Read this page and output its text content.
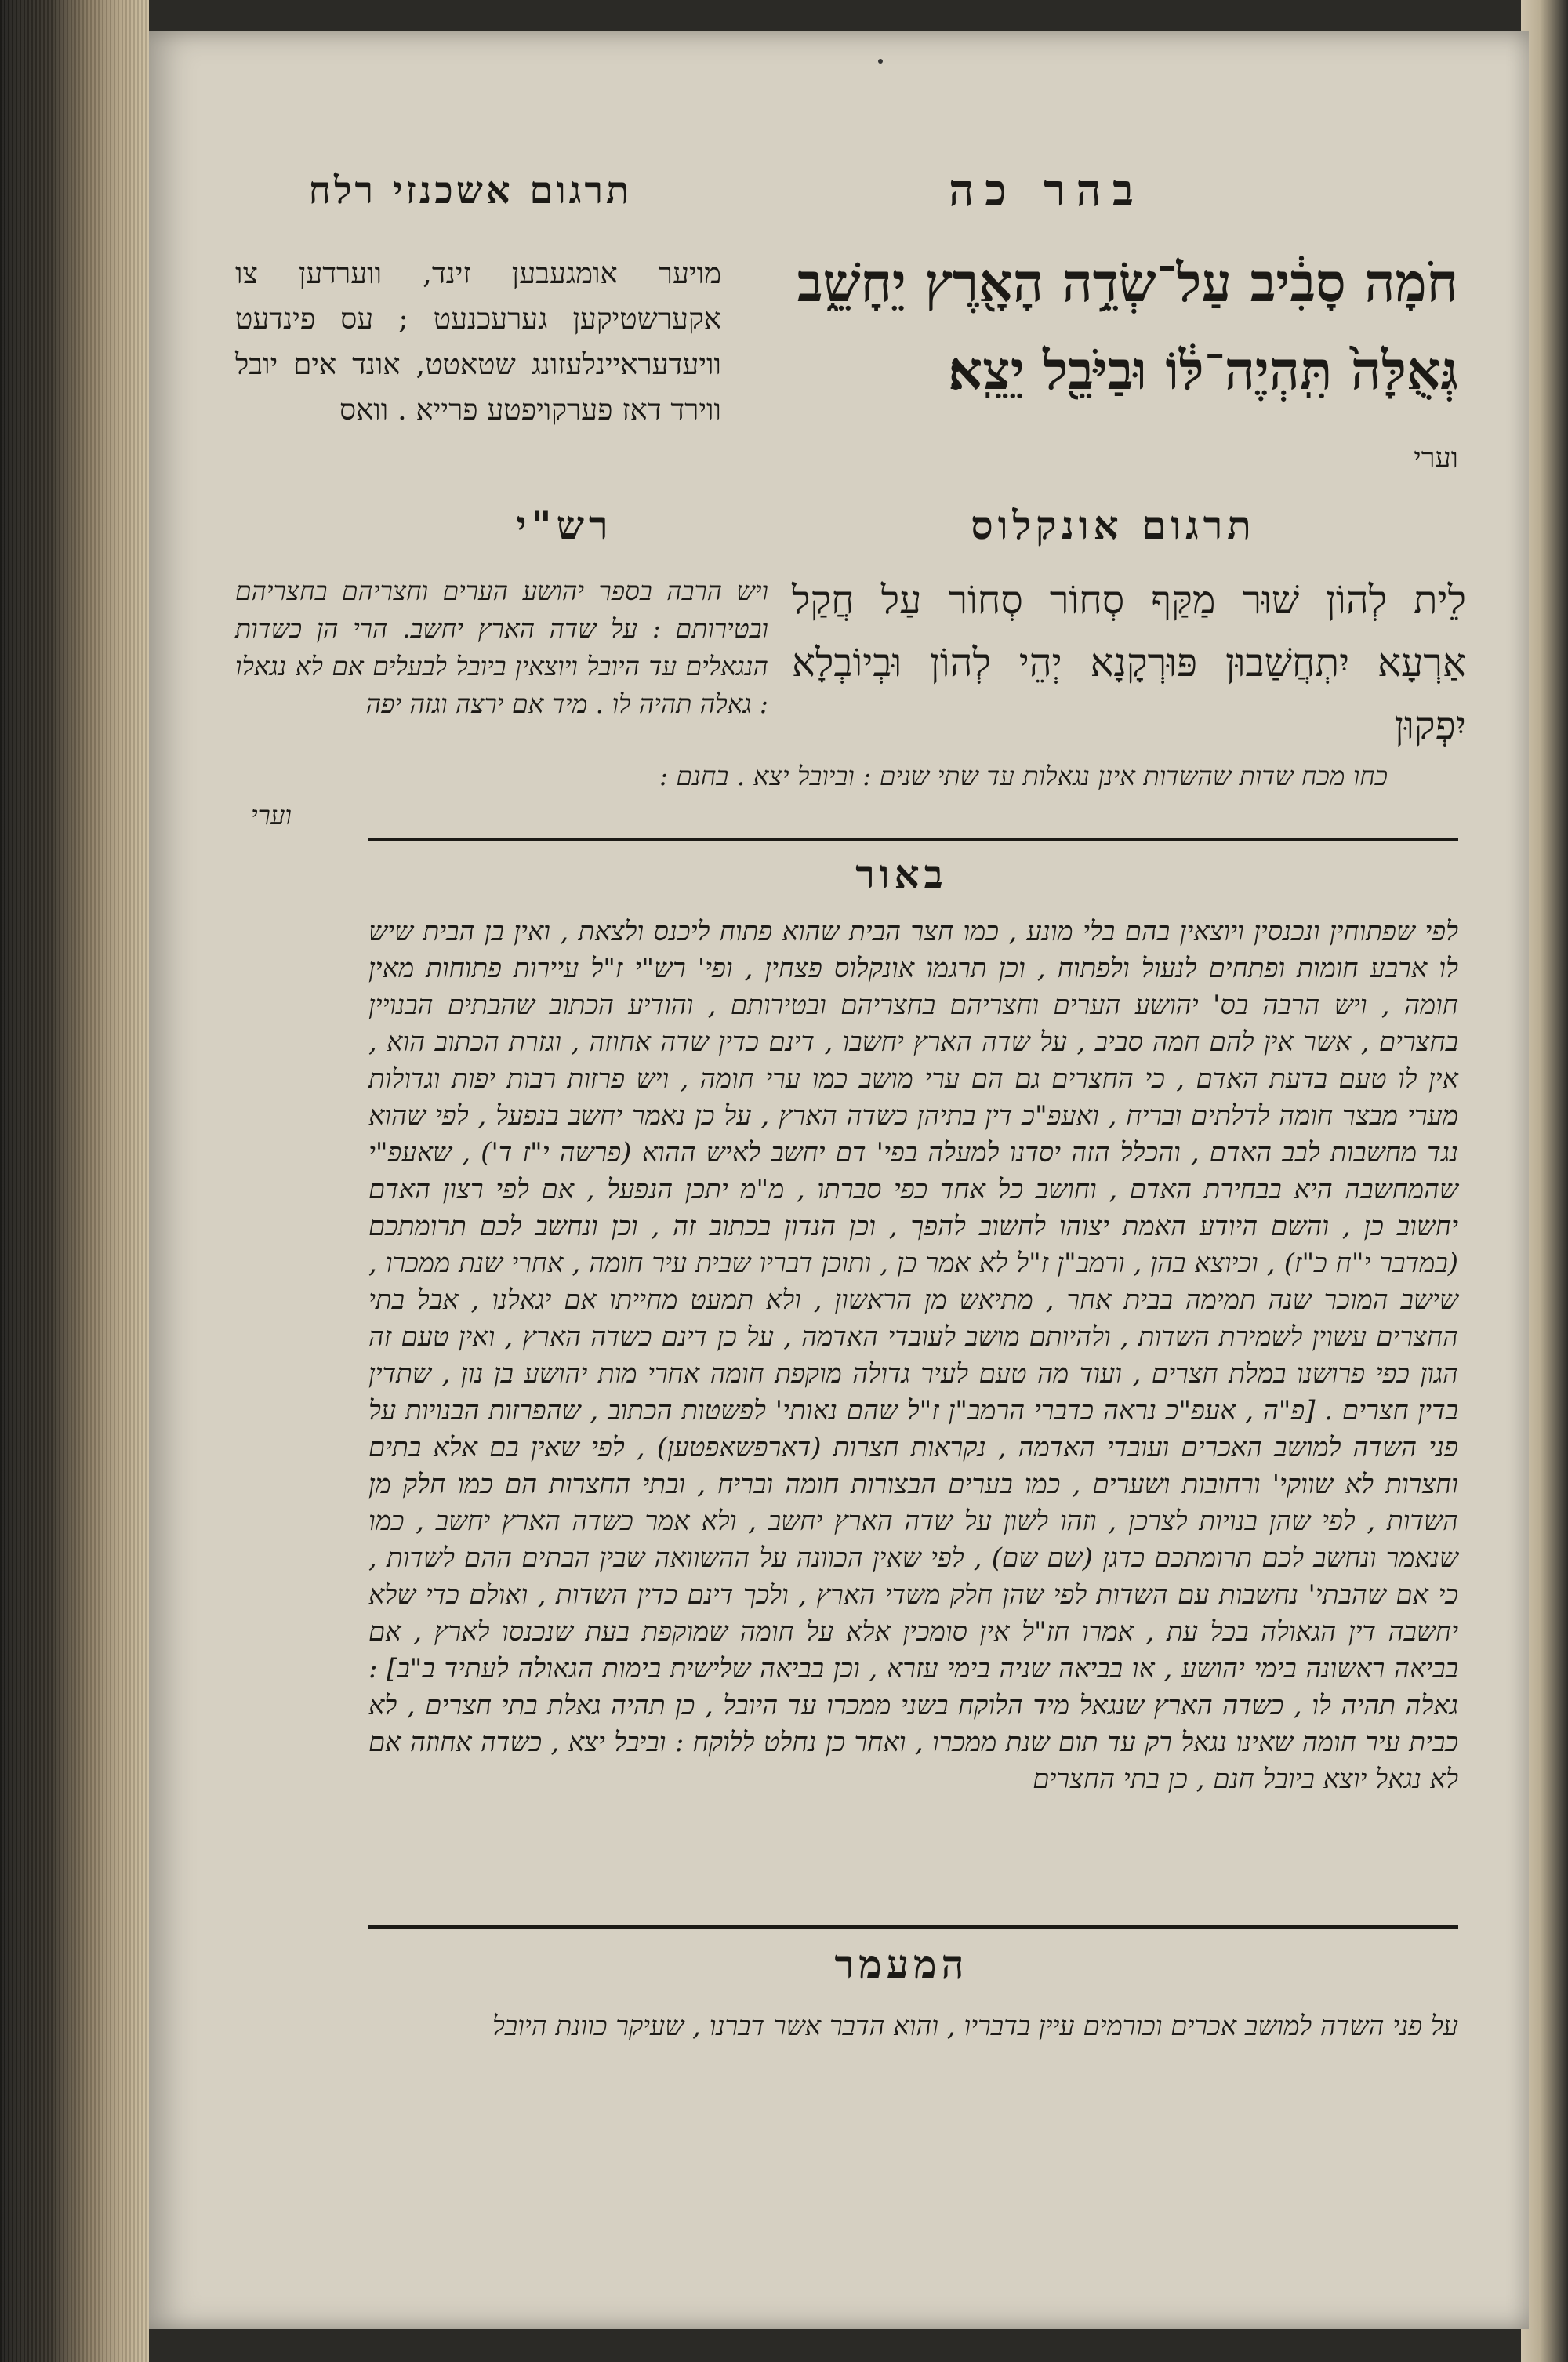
תרגום אשכנזי רלח	בהר כה
חֹמָה סָבִ֔יב עַל־שְׂדֵ֥ה הָאָ֖רֶץ יֵחָשֵׁ֑ב
גְּאֻלָּה֙ תִּֽהְיֶה־לּ֔וֹ וּבַיֹּבֵ֖ל יֵצֵֽא׃
וערי
מויער אומגעבען זינד, ווערדען צו אקערשטיקען גערעכנעט ; עס פינדעט וויעדעראיינלעזונג שטאטט, אונד אים יובל ווירד דאז פערקויפטע פרייא . וואס
תרגום אונקלוס
רש"י
לֵית לְהוֹן שׁוּר מַקַּף סְחוֹר סְחוֹר עַל חֲקַל אַרְעָא יִתְחֲשַׁבוּן פּוּרְקָנָא יְהֵי לְהוֹן וּבְיוֹבְלָא יִפְקוּן
ויש הרבה בספר יהושע הערים וחצריהם בחצריהם ובטירותם : על שדה הארץ יחשב. הרי הן כשדות הנגאלים עד היובל ויוצאין ביובל לבעלים אם לא נגאלו : גאלה תהיה לו . מיד אם ירצה וגזה יפה
כחו מכח שדות שהשדות אינן נגאלות עד שתי שנים : וביובל יצא . בחנם :
וערי
באור
לפי שפתוחין ונכנסין ויוצאין בהם בלי מונע , כמו חצר הבית שהוא פתוח ליכנס ולצאת , ואין בן הבית שיש לו ארבע חומות ופתחים לנעול ולפתוח , וכן תרגמו אונקלוס פצחין , ופי' רש"י ז"ל עיירות פתוחות מאין חומה , ויש הרבה בס' יהושע הערים וחצריהם בחצריהם ובטירותם , והודיע הכתוב שהבתים הבנויין בחצרים , אשר אין להם חמה סביב , על שדה הארץ יחשבו , דינם כדין שדה אחוזה , וגזרת הכתוב הוא , אין לו טעם בדעת האדם , כי החצרים גם הם ערי מושב כמו ערי חומה , ויש פרזות רבות יפות וגדולות מערי מבצר חומה לדלתים ובריח , ואעפ"כ דין בתיהן כשדה הארץ , על כן נאמר יחשב בנפעל , לפי שהוא נגד מחשבות לבב האדם , והכלל הזה יסדנו למעלה בפי' דם יחשב לאיש ההוא (פרשה י"ז ד') , שאעפ"י שהמחשבה היא בבחירת האדם , וחושב כל אחד כפי סברתו , מ"מ יתכן הנפעל , אם לפי רצון האדם יחשוב כן , והשם היודע האמת יצוהו לחשוב להפך , וכן הנדון בכתוב זה , וכן ונחשב לכם תרומתכם (במדבר י"ח כ"ז) , וכיוצא בהן , ורמב"ן ז"ל לא אמר כן , ותוכן דבריו שבית עיר חומה , אחרי שנת ממכרו , שישב המוכר שנה תמימה בבית אחר , מתיאש מן הראשון , ולא תמעט מחייתו אם יגאלנו , אבל בתי החצרים עשוין לשמירת השדות , ולהיותם מושב לעובדי האדמה , על כן דינם כשדה הארץ , ואין טעם זה הגון כפי פרושנו במלת חצרים , ועוד מה טעם לעיר גדולה מוקפת חומה אחרי מות יהושע בן נון , שתדין בדין חצרים . [פ"ה , אעפ"כ נראה כדברי הרמב"ן ז"ל שהם נאותי' לפשטות הכתוב , שהפרזות הבנויות על פני השדה למושב האכרים ועובדי האדמה , נקראות חצרות (דארפשאפטען) , לפי שאין בם אלא בתים וחצרות לא שווקי' ורחובות ושערים , כמו בערים הבצורות חומה ובריח , ובתי החצרות הם כמו חלק מן השדות , לפי שהן בנויות לצרכן , וזהו לשון על שדה הארץ יחשב , ולא אמר כשדה הארץ יחשב , כמו שנאמר ונחשב לכם תרומתכם כדגן (שם שם) , לפי שאין הכוונה על ההשוואה שבין הבתים ההם לשדות , כי אם שהבתי' נחשבות עם השדות לפי שהן חלק משדי הארץ , ולכך דינם כדין השדות , ואולם כדי שלא יחשבה דין הגאולה בכל עת , אמרו חז"ל אין סומכין אלא על חומה שמוקפת בעת שנכנסו לארץ , אם בביאה ראשונה בימי יהושע , או בביאה שניה בימי עזרא , וכן בביאה שלישית בימות הגאולה לעתיד ב"ב] : גאלה תהיה לו , כשדה הארץ שנגאל מיד הלוקח בשני ממכרו עד היובל , כן תהיה גאלת בתי חצרים , לא כבית עיר חומה שאינו נגאל רק עד תום שנת ממכרו , ואחר כן נחלט ללוקח : וביבל יצא , כשדה אחוזה אם לא נגאל יוצא ביובל חנם , כן בתי החצרים
המעמר
על פני השדה למושב אכרים וכורמים עיין בדבריו , והוא הדבר אשר דברנו , שעיקר כוונת היובל
